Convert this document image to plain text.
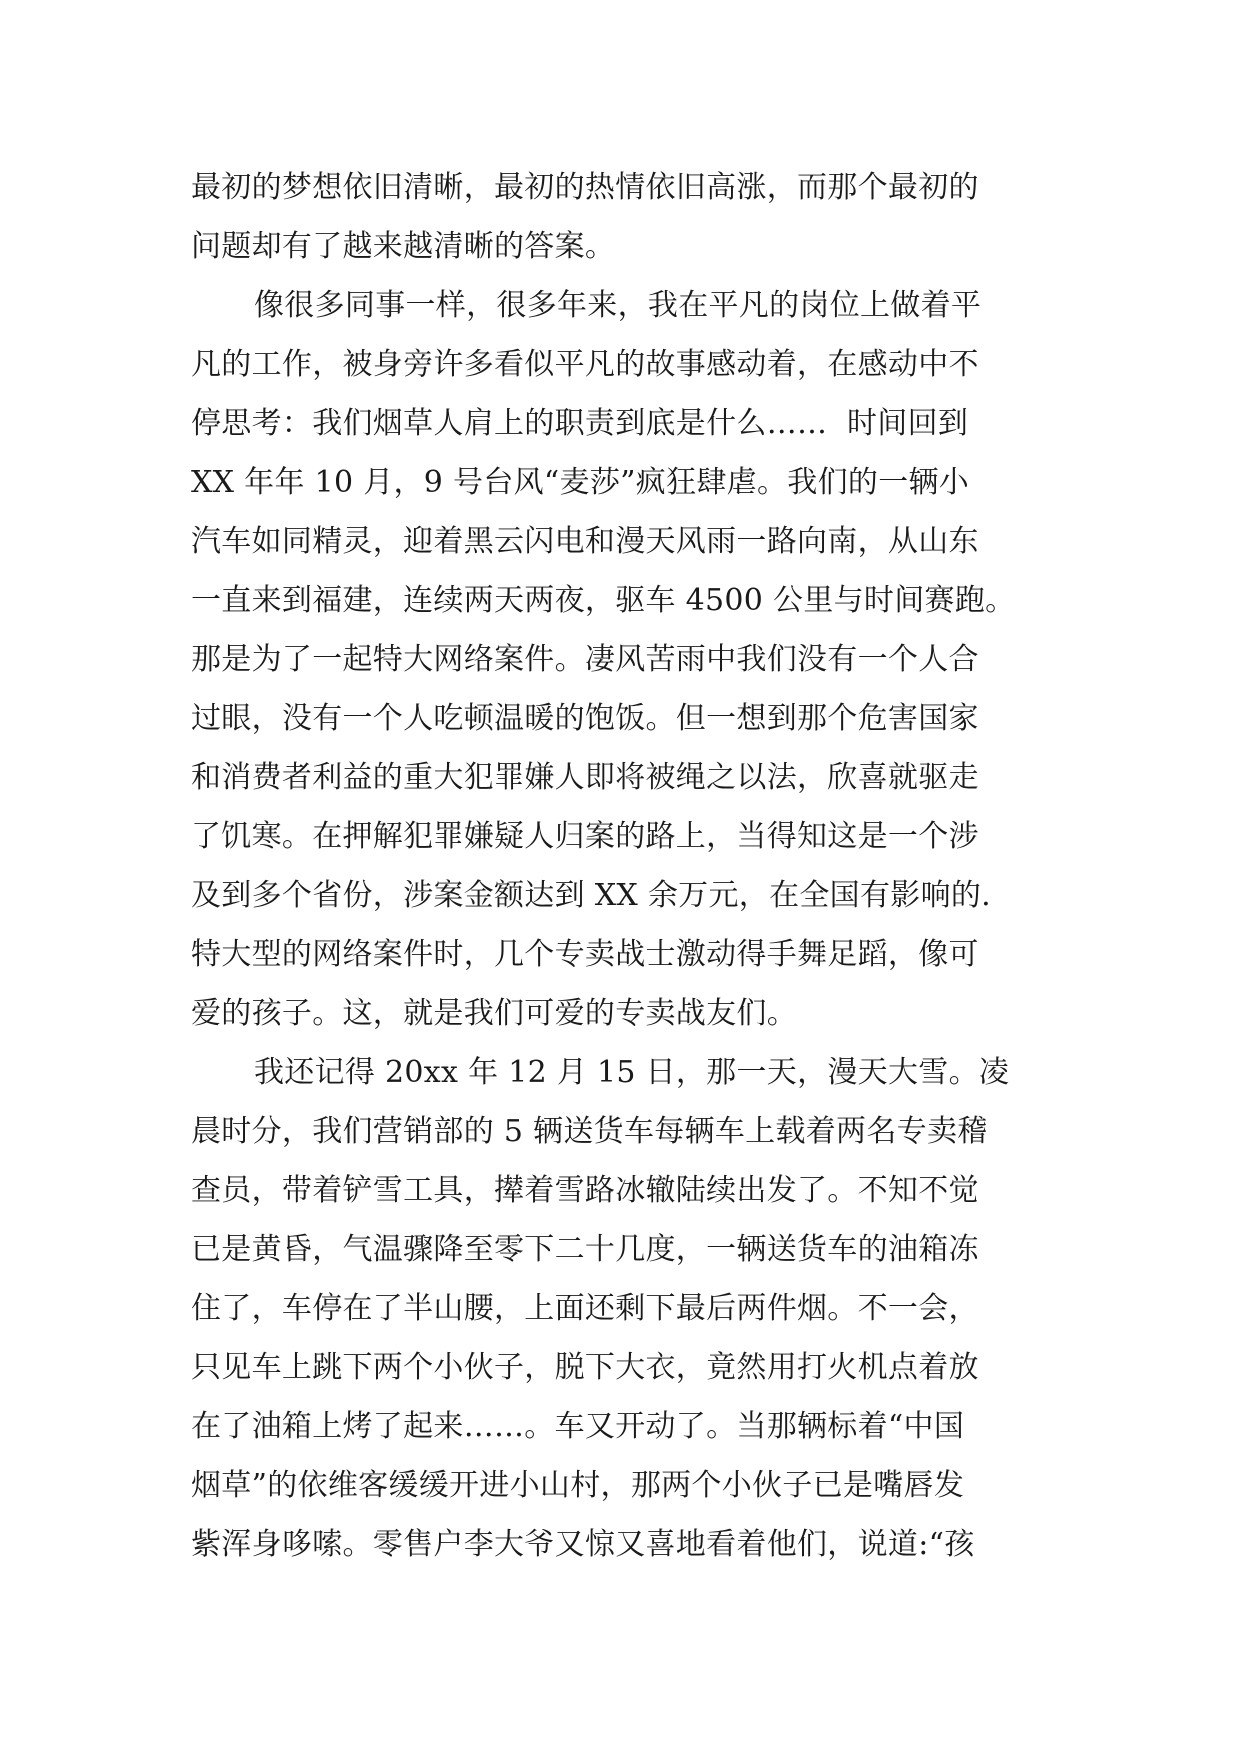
最初的梦想依旧清晰，最初的热情依旧高涨，而那个最初的
问题却有了越来越清晰的答案。
像很多同事一样，很多年来，我在平凡的岗位上做着平
凡的工作，被身旁许多看似平凡的故事感动着，在感动中不
停思考：我们烟草人肩上的职责到底是什么……  时间回到
XX 年年 10 月，9 号台风“麦莎”疯狂肆虐。我们的一辆小
汽车如同精灵，迎着黑云闪电和漫天风雨一路向南，从山东
一直来到福建，连续两天两夜，驱车 4500 公里与时间赛跑。
那是为了一起特大网络案件。凄风苦雨中我们没有一个人合
过眼，没有一个人吃顿温暖的饱饭。但一想到那个危害国家
和消费者利益的重大犯罪嫌人即将被绳之以法，欣喜就驱走
了饥寒。在押解犯罪嫌疑人归案的路上，当得知这是一个涉
及到多个省份，涉案金额达到 XX 余万元，在全国有影响的.
特大型的网络案件时，几个专卖战士激动得手舞足蹈，像可
爱的孩子。这，就是我们可爱的专卖战友们。
我还记得 20xx 年 12 月 15 日，那一天，漫天大雪。凌
晨时分，我们营销部的 5 辆送货车每辆车上载着两名专卖稽
查员，带着铲雪工具，撵着雪路冰辙陆续出发了。不知不觉
已是黄昏，气温骤降至零下二十几度，一辆送货车的油箱冻
住了，车停在了半山腰，上面还剩下最后两件烟。不一会，
只见车上跳下两个小伙子，脱下大衣，竟然用打火机点着放
在了油箱上烤了起来……。车又开动了。当那辆标着“中国
烟草”的依维客缓缓开进小山村，那两个小伙子已是嘴唇发
紫浑身哆嗦。零售户李大爷又惊又喜地看着他们，说道:“孩
